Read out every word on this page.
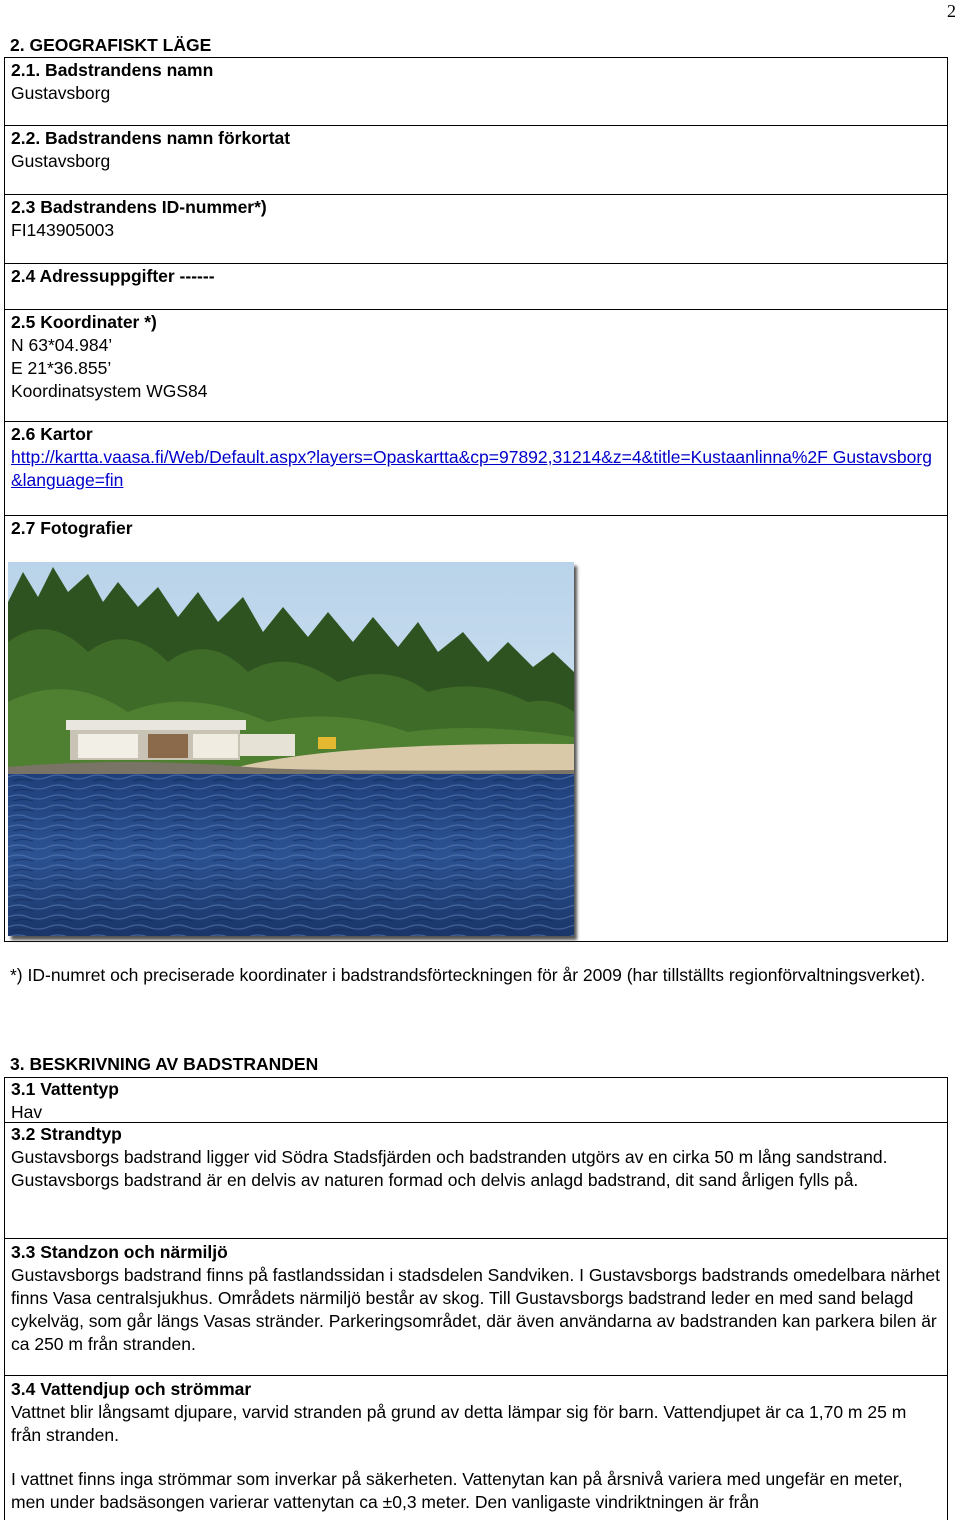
2
2. GEOGRAFISKT LÄGE
2.1. Badstrandens namn
Gustavsborg
2.2. Badstrandens namn förkortat
Gustavsborg
2.3 Badstrandens ID-nummer*)
FI143905003
2.4 Adressuppgifter ------
2.5 Koordinater *)
N 63*04.984’
E 21*36.855’
Koordinatsystem WGS84
2.6 Kartor
http://kartta.vaasa.fi/Web/Default.aspx?layers=Opaskartta&cp=97892,31214&z=4&title=Kustaanlinna%2F Gustavsborg&language=fin
2.7 Fotografier

*) ID-numret och preciserade koordinater i badstrandsförteckningen för år 2009 (har tillställts regionförvaltningsverket).

3. BESKRIVNING AV BADSTRANDEN
3.1 Vattentyp
Hav
3.2 Strandtyp

Gustavsborgs badstrand ligger vid Södra Stadsfjärden och badstranden utgörs av en cirka 50 m lång sandstrand. Gustavsborgs badstrand är en delvis av naturen formad och delvis anlagd badstrand, dit sand årligen fylls på.

3.3 Standzon och närmiljö

Gustavsborgs badstrand finns på fastlandssidan i stadsdelen Sandviken. I Gustavsborgs badstrands omedelbara närhet finns Vasa centralsjukhus. Områdets närmiljö består av skog. Till Gustavsborgs badstrand leder en med sand belagd cykelväg, som går längs Vasas stränder. Parkeringsområdet, där även användarna av badstranden kan parkera bilen är ca 250 m från stranden.

3.4 Vattendjup och strömmar

Vattnet blir långsamt djupare, varvid stranden på grund av detta lämpar sig för barn. Vattendjupet är ca 1,70 m 25 m från stranden.

I vattnet finns inga strömmar som inverkar på säkerheten. Vattenytan kan på årsnivå variera med ungefär en meter, men under badsäsongen varierar vattenytan ca ±0,3 meter. Den vanligaste vindriktningen är från
